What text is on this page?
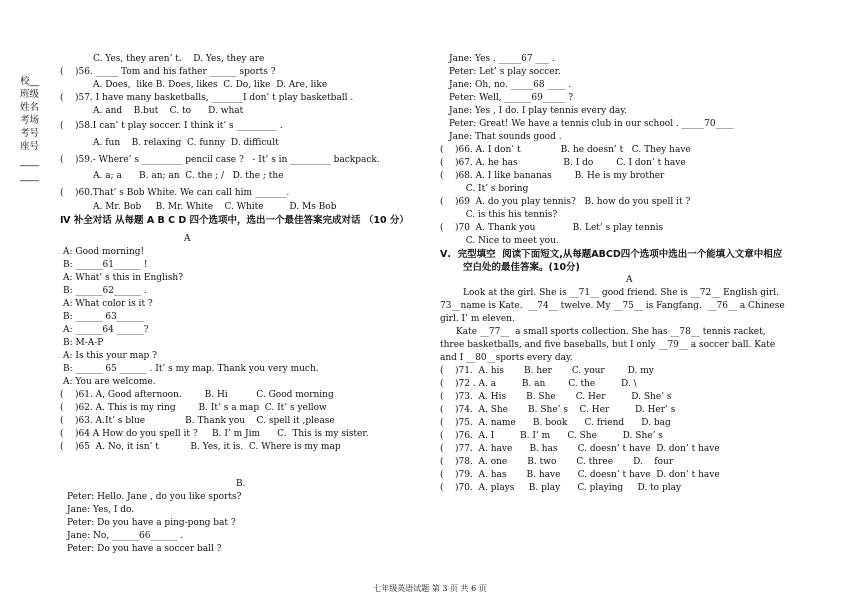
校__
班级
姓名
考场
考号
座号
____
____
C. Yes, they aren’ t.    D. Yes, they are
(    )56. _____ Tom and his father ______ sports ?
A. Does,  like B. Does, likes  C. Do, like  D. Are, like
(    )57. I have many basketballs, _______I don’ t play basketball .
A. and    B.but    C. to      D. what
(    )58.I can’ t play soccer. I think it’ s _________ .
A. fun    B. relaxing  C. funny  D. difficult
(    )59.- Where’ s _________ pencil case ?   - It’ s in _________ backpack.
A. a; a      B. an; an  C. the ; /   D. the ; the
(    )60.That’ s Bob White. We can call him _______.
A. Mr. Bob     B. Mr. White    C. White         D. Ms Bob
Ⅳ 补全对话 从每题 A B C D 四个选项中，选出一个最佳答案完成对话 （10 分）
A
A: Good morning!
B: ______61______ !
A: What’ s this in English?
B: ______62______ .
A: What color is it ?
B: ______ 63______
A: ______64 ______?
B: M-A-P
A: Is this your map ?
B: ______ 65 ______ . It’ s my map. Thank you very much.
A: You are welcome.
(    )61. A, Good afternoon.        B. Hi          C. Good morning
(    )62. A. This is my ring        B. It’ s a map  C. It’ s yellow
(    )63. A.It’ s blue              B. Thank you    C. spell it ,please
(    )64 A How do you spell it ?     B. I’ m Jim      C.  This is my sister.
(    )65  A. No, it isn’ t           B. Yes, it is.  C. Where is my map
B.
Peter: Hello. Jane , do you like sports?
Jane: Yes, I do.
Peter: Do you have a ping-pong bat ?
Jane: No, ______66______ .
Peter: Do you have a soccer ball ?
Jane: Yes . _____67 ___ .
Peter: Let’ s play soccer.
Jane: Oh, no. _____68 ____ .
Peter: Well, ______69_____ ?
Jane: Yes , I do. I play tennis every day.
Peter: Great! We have a tennis club in our school . _____70____
Jane: That sounds good .
(    )66. A. I don’ t              B. he doesn’ t   C. They have
(    )67. A. he has                B. I do        C. I don’ t have
(    )68. A. I like bananas        B. He is my brother
C. It’ s boring
(    )69  A. do you play tennis?   B. how do you spell it ?
C. is this his tennis?
(    )70  A. Thank you             B. Let’ s play tennis
C. Nice to meet you.
Ⅴ.  完型填空  阅读下面短文,从每题ABCD四个选项中选出一个能填入文章中相应
空白处的最佳答案。(10分)
A
Look at the girl. She is __71__ good friend. She is __72__ English girl.
73__name is Kate.  __74__ twelve. My __75__ is Fangfang.  __76__ a Chinese
girl. I’ m eleven.
Kate __77__  a small sports collection. She has __78__ tennis racket,
three basketballs, and five baseballs, but I only __79__ a soccer ball. Kate
and I __80__sports every day.
(    )71.  A. his       B. her       C. your        D. my
(    )72 . A. a         B. an        C. the         D. \
(    )73.  A. His       B. She       C. Her         D. She’ s
(    )74.  A. She       B. She’ s    C. Her         D. Her’ s
(    )75.  A. name      B. book      C. friend      D. bag
(    )76.  A. I         B. I’ m      C. She         D. She’ s
(    )77.  A. have      B. has       C. doesn’ t have  D. don’ t have
(    )78.  A. one       B. two       C. three       D.    four
(    )79.  A. has       B. have      C. doesn’ t have  D. don’ t have
(    )70.  A. plays     B. play      C. playing     D. to play
七年级英语试题 第 3 页 共 6 页
